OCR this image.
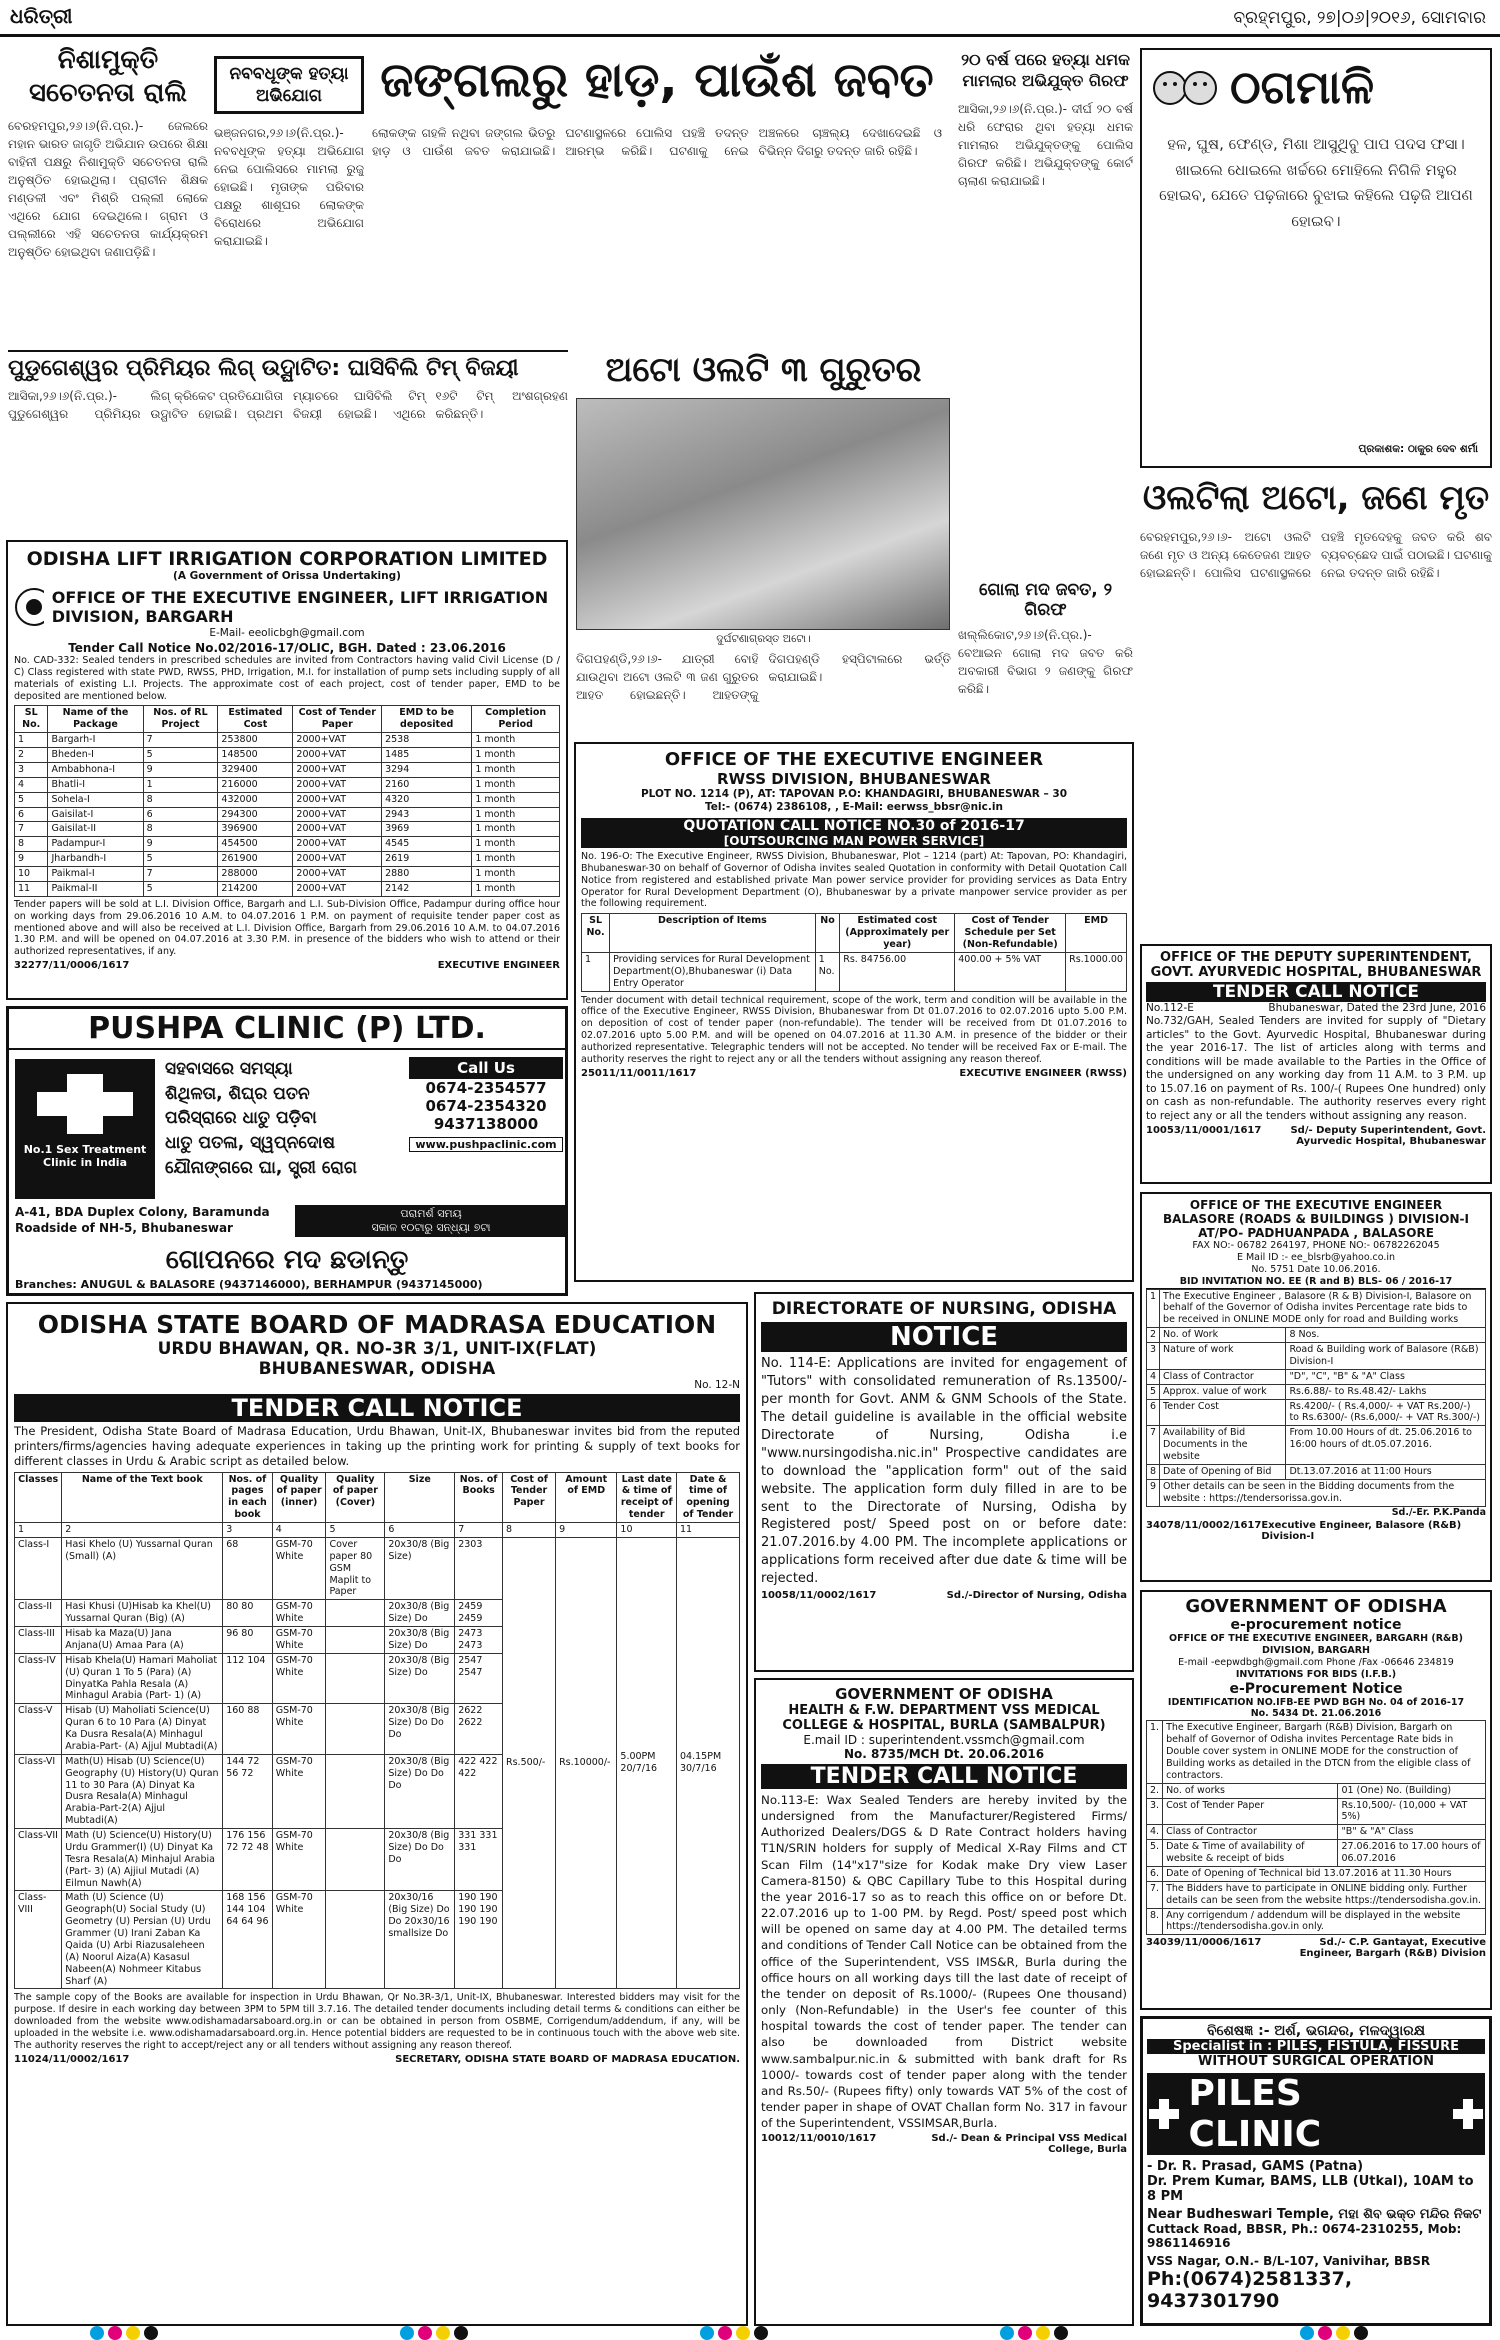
ଧରିତ୍ରୀ	ବ୍ରହ୍ମପୁର, ୨୭|୦୬|୨୦୧୬, ସୋମବାର
ନିଶାମୁକ୍ତି ସଚେତନତା ରାଲି
ବେରହମପୁର,୨୬।୬(ନି.ପ୍ର.)- ଜେଲରେ ମହାନ ଭାରତ ଜାଗୃତି ଅଭିଯାନ ଉପରେ ଶିକ୍ଷା ବାହିନୀ ପକ୍ଷରୁ ନିଶାମୁକ୍ତି ସଚେତନତା ରାଲି ଅନୁଷ୍ଠିତ ହୋଇଥିଲା। ପ୍ରାଚୀନ ଶିକ୍ଷକ ମଣ୍ଡଳୀ ଏବଂ ମିଶ୍ରି ପଲ୍ଲୀ ଲୋକେ ଏଥିରେ ଯୋଗ ଦେଇଥିଲେ। ଗ୍ରାମ ଓ ପଲ୍ଲୀରେ ଏହି ସଚେତନତା କାର୍ଯ୍ୟକ୍ରମ ଅନୁଷ୍ଠିତ ହୋଇଥିବା ଜଣାପଡ଼ିଛି।
ନବବଧୂଙ୍କ ହତ୍ୟା ଅଭିଯୋଗ
ଭଞ୍ଜନଗର,୨୬।୬(ନି.ପ୍ର.)- ନବବଧୂଙ୍କ ହତ୍ୟା ଅଭିଯୋଗ ନେଇ ପୋଲିସରେ ମାମଲା ରୁଜୁ ହୋଇଛି। ମୃତାଙ୍କ ପରିବାର ପକ୍ଷରୁ ଶାଶୂଘର ଲୋକଙ୍କ ବିରୋଧରେ ଅଭିଯୋଗ କରାଯାଇଛି।
ଜଙ୍ଗଲରୁ ହାଡ଼, ପାଉଁଶ ଜବତ
ଲୋକଙ୍କ ଗହଳି ନଥିବା ଜଙ୍ଗଲ ଭିତରୁ ହାଡ଼ ଓ ପାଉଁଶ ଜବତ କରାଯାଇଛି। ଘଟଣାସ୍ଥଳରେ ପୋଲିସ ପହଞ୍ଚି ତଦନ୍ତ ଆରମ୍ଭ କରିଛି। ଘଟଣାକୁ ନେଇ ଅଞ୍ଚଳରେ ଚାଞ୍ଚଲ୍ୟ ଦେଖାଦେଇଛି ଓ ବିଭିନ୍ନ ଦିଗରୁ ତଦନ୍ତ ଜାରି ରହିଛି।
୨୦ ବର୍ଷ ପରେ ହତ୍ୟା ଧମକ ମାମଲାର ଅଭିଯୁକ୍ତ ଗିରଫ
ଆସିକା,୨୬।୬(ନି.ପ୍ର.)- ଦୀର୍ଘ ୨୦ ବର୍ଷ ଧରି ଫେରାର ଥିବା ହତ୍ୟା ଧମକ ମାମଲାର ଅଭିଯୁକ୍ତଙ୍କୁ ପୋଲିସ ଗିରଫ କରିଛି। ଅଭିଯୁକ୍ତଙ୍କୁ କୋର୍ଟ ଚାଲାଣ କରାଯାଇଛି।
ଠଗମାଳି
ହଳ, ଘୁଷ, ଫେଣ୍ଡ, ମିଶା ଆସୁଥିବୁ ପାପ ପଦସ ଫସା। ଖାଇଲେ ଧୋଇଲେ ଖର୍ଚ୍ଚରେ ମୋହିଲେ ନିଗିଳି ମହୁର ହୋଇବ, ଯେତେ ପଢ଼ଜାରେ ବୁଝାଇ କହିଲେ ପଢ଼ଜି ଆପଣ ହୋଇବ।
ପ୍ରକାଶକ: ଠାକୁର ଦେବ ଶର୍ମା
ପୁଡୁଗେଶ୍ୱର ପ୍ରିମିୟର ଲିଗ୍ ଉଦ୍ଘାଟିତ: ଘାସିବିଲି ଟିମ୍ ବିଜୟୀ
ଆସିକା,୨୬।୬(ନି.ପ୍ର.)- ପୁଡୁଗେଶ୍ୱର ପ୍ରିମିୟର ଲିଗ୍ କ୍ରିକେଟ ପ୍ରତିଯୋଗିତା ଉଦ୍ଘାଟିତ ହୋଇଛି। ପ୍ରଥମ ମ୍ୟାଚରେ ଘାସିବିଲି ଟିମ୍ ବିଜୟୀ ହୋଇଛି। ଏଥିରେ ୧୬ଟି ଟିମ୍ ଅଂଶଗ୍ରହଣ କରିଛନ୍ତି।
ଅଟୋ ଓଲଟି ୩ ଗୁରୁତର
ଦୁର୍ଘଟଣାଗ୍ରସ୍ତ ଅଟୋ।
ଦିଗପହଣ୍ଡି,୨୬।୬- ଯାତ୍ରୀ ବୋହି ଯାଉଥିବା ଅଟୋ ଓଲଟି ୩ ଜଣ ଗୁରୁତର ଆହତ ହୋଇଛନ୍ତି। ଆହତଙ୍କୁ ଦିଗପହଣ୍ଡି ହସ୍ପିଟାଲରେ ଭର୍ତ୍ତି କରାଯାଇଛି।
ଗୋଲା ମଦ ଜବତ, ୨ ଗିରଫ
ଖଲ୍ଲିକୋଟ,୨୬।୬(ନି.ପ୍ର.)- ବେଆଇନ ଗୋଲା ମଦ ଜବତ କରି ଅବକାରୀ ବିଭାଗ ୨ ଜଣଙ୍କୁ ଗିରଫ କରିଛି।
ଓଲଟିଲା ଅଟୋ, ଜଣେ ମୃତ
ବେରହମପୁର,୨୬।୬- ଅଟୋ ଓଲଟି ଜଣେ ମୃତ ଓ ଅନ୍ୟ କେତେଜଣ ଆହତ ହୋଇଛନ୍ତି। ପୋଲିସ ଘଟଣାସ୍ଥଳରେ ପହଞ୍ଚି ମୃତଦେହକୁ ଜବତ କରି ଶବ ବ୍ୟବଚ୍ଛେଦ ପାଇଁ ପଠାଇଛି। ଘଟଣାକୁ ନେଇ ତଦନ୍ତ ଜାରି ରହିଛି।
ODISHA LIFT IRRIGATION CORPORATION LIMITED
(A Government of Orissa Undertaking)
OFFICE OF THE EXECUTIVE ENGINEER, LIFT IRRIGATION DIVISION, BARGARH
E-Mail- eeolicbgh@gmail.com
Tender Call Notice No.02/2016-17/OLIC, BGH. Dated : 23.06.2016
No. CAD-332: Sealed tenders in prescribed schedules are invited from Contractors having valid Civil License (D / C) Class registered with state PWD, RWSS, PHD, Irrigation, M.I. for installation of pump sets including supply of all materials of existing L.I. Projects. The approximate cost of each project, cost of tender paper, EMD to be deposited are mentioned below.
SL No.	Name of the Package	Nos. of RL Project	Estimated Cost	Cost of Tender Paper	EMD to be deposited	Completion Period
1	Bargarh-I	7	253800	2000+VAT	2538	1 month
2	Bheden-I	5	148500	2000+VAT	1485	1 month
3	Ambabhona-I	9	329400	2000+VAT	3294	1 month
4	Bhatli-I	1	216000	2000+VAT	2160	1 month
5	Sohela-I	8	432000	2000+VAT	4320	1 month
6	Gaisilat-I	6	294300	2000+VAT	2943	1 month
7	Gaisilat-II	8	396900	2000+VAT	3969	1 month
8	Padampur-I	9	454500	2000+VAT	4545	1 month
9	Jharbandh-I	5	261900	2000+VAT	2619	1 month
10	Paikmal-I	7	288000	2000+VAT	2880	1 month
11	Paikmal-II	5	214200	2000+VAT	2142	1 month
Tender papers will be sold at L.I. Division Office, Bargarh and L.I. Sub-Division Office, Padampur during office hour on working days from 29.06.2016 10 A.M. to 04.07.2016 1 P.M. on payment of requisite tender paper cost as mentioned above and will also be received at L.I. Division Office, Bargarh from 29.06.2016 10 A.M. to 04.07.2016 1.30 P.M. and will be opened on 04.07.2016 at 3.30 P.M. in presence of the bidders who wish to attend or their authorized representatives, if any.
32277/11/0006/1617	EXECUTIVE ENGINEER
PUSHPA CLINIC (P) LTD.
No.1 Sex Treatment Clinic in India
ସହବାସରେ ସମସ୍ୟା
ଶିଥିଳତା, ଶିଘ୍ର ପତନ
ପରିସ୍ରାରେ ଧାତୁ ପଡ଼ିବା
ଧାତୁ ପତଳା, ସ୍ୱପ୍ନଦୋଷ
ଯୌନାଙ୍ଗରେ ଘା, ସ୍ତ୍ରୀ ରୋଗ
Call Us
0674-2354577
0674-2354320
9437138000
www.pushpaclinic.com
A-41, BDA Duplex Colony, Baramunda Roadside of NH-5, Bhubaneswar
ପରାମର୍ଶ ସମୟ
ସକାଳ ୧୦ଟାରୁ ସନ୍ଧ୍ୟା ୭ଟା
ଗୋପନରେ ମଦ ଛଡାନ୍ତୁ
Branches: ANUGUL & BALASORE (9437146000), BERHAMPUR (9437145000)
OFFICE OF THE EXECUTIVE ENGINEER
RWSS DIVISION, BHUBANESWAR
PLOT NO. 1214 (P), AT: TAPOVAN P.O: KHANDAGIRI, BHUBANESWAR – 30
Tel:- (0674) 2386108, , E-Mail: eerwss_bbsr@nic.in
QUOTATION CALL NOTICE NO.30 of 2016-17
[OUTSOURCING MAN POWER SERVICE]
No. 196-O: The Executive Engineer, RWSS Division, Bhubaneswar, Plot – 1214 (part) At: Tapovan, PO: Khandagiri, Bhubaneswar-30 on behalf of Governor of Odisha invites sealed Quotation in conformity with Detail Quotation Call Notice from registered and established private Man power service provider for providing services as Data Entry Operator for Rural Development Department (O), Bhubaneswar by a private manpower service provider as per the following requirement.
SL No.	Description of Items	No	Estimated cost (Approximately per year)	Cost of Tender Schedule per Set (Non-Refundable)	EMD
1	Providing services for Rural Development Department(O),Bhubaneswar (i) Data Entry Operator	1 No.	Rs. 84756.00	400.00 + 5% VAT	Rs.1000.00
Tender document with detail technical requirement, scope of the work, term and condition will be available in the office of the Executive Engineer, RWSS Division, Bhubaneswar from Dt 01.07.2016 to 02.07.2016 upto 5.00 P.M. on deposition of cost of tender paper (non-refundable). The tender will be received from Dt 01.07.2016 to 02.07.2016 upto 5.00 P.M. and will be opened on 04.07.2016 at 11.30 A.M. in presence of the bidder or their authorized representative. Telegraphic tenders will not be accepted. No tender will be received Fax or E-mail. The authority reserves the right to reject any or all the tenders without assigning any reason thereof.
25011/11/0011/1617	EXECUTIVE ENGINEER (RWSS)
OFFICE OF THE DEPUTY SUPERINTENDENT, GOVT. AYURVEDIC HOSPITAL, BHUBANESWAR
TENDER CALL NOTICE
No.112-E	Bhubaneswar, Dated the 23rd June, 2016
No.732/GAH, Sealed Tenders are invited for supply of "Dietary articles" to the Govt. Ayurvedic Hospital, Bhubaneswar during the year 2016-17. The list of articles along with terms and conditions will be made available to the Parties in the Office of the undersigned on any working day from 11 A.M. to 3 P.M. up to 15.07.16 on payment of Rs. 100/-( Rupees One hundred) only on cash as non-refundable. The authority reserves every right to reject any or all the tenders without assigning any reason.
10053/11/0001/1617	Sd/- Deputy Superintendent, Govt. Ayurvedic Hospital, Bhubaneswar
OFFICE OF THE EXECUTIVE ENGINEER
BALASORE (ROADS & BUILDINGS ) DIVISION-I
AT/PO- PADHUANPADA , BALASORE
FAX NO:- 06782 264197, PHONE NO:- 06782262045
E Mail ID :- ee_blsrb@yahoo.co.in
No. 5751 Date 10.06.2016.
BID INVITATION NO. EE (R and B) BLS- 06 / 2016-17
1	The Executive Engineer , Balasore (R & B) Division-I, Balasore on behalf of the Governor of Odisha invites Percentage rate bids to be received in ONLINE MODE only for road and Building works	
2	No. of Work	8 Nos.
3	Nature of work	Road & Building work of Balasore (R&B) Division-I
4	Class of Contractor	"D", "C", "B" & "A" Class
5	Approx. value of work	Rs.6.88/- to Rs.48.42/- Lakhs
6	Tender Cost	Rs.4200/- ( Rs.4,000/- + VAT Rs.200/-) to Rs.6300/- (Rs.6,000/- + VAT Rs.300/-)
7	Availability of Bid Documents in the website	From 10.00 Hours of dt. 25.06.2016 to 16:00 hours of dt.05.07.2016.
8	Date of Opening of Bid	Dt.13.07.2016 at 11:00 Hours
9	Other details can be seen in the Bidding documents from the website : https://tendersorissa.gov.in.	
Sd./-Er. P.K.Panda
34078/11/0002/1617 Executive Engineer, Balasore (R&B) Division-I
ODISHA STATE BOARD OF MADRASA EDUCATION
URDU BHAWAN, QR. NO-3R 3/1, UNIT-IX(FLAT) BHUBANESWAR, ODISHA
No. 12-N
TENDER CALL NOTICE
The President, Odisha State Board of Madrasa Education, Urdu Bhawan, Unit-IX, Bhubaneswar invites bid from the reputed printers/firms/agencies having adequate experiences in taking up the printing work for printing & supply of text books for different classes in Urdu & Arabic script as detailed below.
Classes	Name of the Text book	Nos. of pages in each book	Quality of paper (inner)	Quality of paper (Cover)	Size	Nos. of Books	Cost of Tender Paper	Amount of EMD	Last date & time of receipt of tender	Date & time of opening of Tender
1	2	3	4	5	6	7	8	9	10	11
Class-I	Hasi Khelo (U) Yussarnal Quran (Small) (A)	68	GSM-70 White	Cover paper 80 GSM Maplit to Paper	20x30/8 (Big Size)	2303	Rs.500/-	Rs.10000/-	5.00PM 20/7/16	04.15PM 30/7/16
Class-II	Hasi Khusi (U)Hisab ka Khel(U) Yussarnal Quran (Big) (A)	80 80	GSM-70 White		20x30/8 (Big Size) Do	2459 2459				
Class-III	Hisab ka Maza(U) Jana Anjana(U) Amaa Para (A)	96 80	GSM-70 White		20x30/8 (Big Size) Do	2473 2473				
Class-IV	Hisab Khela(U) Hamari Maholiat (U) Quran 1 To 5 (Para) (A) DinyatKa Pahla Resala (A) Minhagul Arabia (Part- 1) (A)	112 104	GSM-70 White		20x30/8 (Big Size) Do	2547 2547				
Class-V	Hisab (U) Maholiati Science(U) Quran 6 to 10 Para (A) Dinyat Ka Dusra Resala(A) Minhagul Arabia-Part- (A) Ajjul Mubtadi(A)	160 88	GSM-70 White		20x30/8 (Big Size) Do Do Do	2622 2622				
Class-VI	Math(U) Hisab (U) Science(U) Geography (U) History(U) Quran 11 to 30 Para (A) Dinyat Ka Dusra Resala(A) Minhagul Arabia-Part-2(A) Ajjul Mubtadi(A)	144 72 56 72	GSM-70 White		20x30/8 (Big Size) Do Do Do	422 422 422				
Class-VII	Math (U) Science(U) History(U) Urdu Grammer(I) (U) Dinyat Ka Tesra Resala(A) Minhajul Arabia (Part- 3) (A) Ajjiul Mutadi (A) Eilmun Nawh(A)	176 156 72 72 48	GSM-70 White		20x30/8 (Big Size) Do Do Do	331 331 331				
Class-VIII	Math (U) Science (U) Geograph(U) Social Study (U) Geometry (U) Persian (U) Urdu Grammer (U) Irani Zaban Ka Qaida (U) Arbi Riazusaleheen (A) Noorul Aiza(A) Kasasul Nabeen(A) Nohmeer Kitabus Sharf (A)	168 156 144 104 64 64 96	GSM-70 White		20x30/16 (Big Size) Do Do 20x30/16 smallsize Do	190 190 190 190 190 190				
The sample copy of the Books are available for inspection in Urdu Bhawan, Qr No.3R-3/1, Unit-IX, Bhubaneswar. Interested bidders may visit for the purpose. If desire in each working day between 3PM to 5PM till 3.7.16. The detailed tender documents including detail terms & conditions can either be downloaded from the website www.odishamadarsaboard.org.in or can be obtained in person from OSBME, Corrigendum/addendum, if any, will be uploaded in the website i.e. www.odishamadarsaboard.org.in. Hence potential bidders are requested to be in continuous touch with the above web site. The authority reserves the right to accept/reject any or all tenders without assigning any reason thereof.
11024/11/0002/1617	SECRETARY, ODISHA STATE BOARD OF MADRASA EDUCATION.
DIRECTORATE OF NURSING, ODISHA
NOTICE
No. 114-E: Applications are invited for engagement of "Tutors" with consolidated remuneration of Rs.13500/- per month for Govt. ANM & GNM Schools of the State. The detail guideline is available in the official website Directorate of Nursing, Odisha i.e "www.nursingodisha.nic.in" Prospective candidates are to download the "application form" out of the said website. The application form duly filled in are to be sent to the Directorate of Nursing, Odisha by Registered post/ Speed post on or before date: 21.07.2016.by 4.00 PM. The incomplete applications or applications form received after due date & time will be rejected.
10058/11/0002/1617	Sd./-Director of Nursing, Odisha
GOVERNMENT OF ODISHA
HEALTH & F.W. DEPARTMENT VSS MEDICAL COLLEGE & HOSPITAL, BURLA (SAMBALPUR)
E.mail ID : superintendent.vssmch@gmail.com
No. 8735/MCH Dt. 20.06.2016
TENDER CALL NOTICE
No.113-E: Wax Sealed Tenders are hereby invited by the undersigned from the Manufacturer/Registered Firms/ Authorized Dealers/DGS & D Rate Contract holders having T1N/SRIN holders for supply of Medical X-Ray Films and CT Scan Film (14"x17"size for Kodak make Dry view Laser Camera-8150) & QBC Capillary Tube to this Hospital during the year 2016-17 so as to reach this office on or before Dt. 22.07.2016 up to 1-00 PM. by Regd. Post/ speed post which will be opened on same day at 4.00 PM. The detailed terms and conditions of Tender Call Notice can be obtained from the office of the Superintendent, VSS IMS&R, Burla during the office hours on all working days till the last date of receipt of the tender on deposit of Rs.1000/- (Rupees One thousand) only (Non-Refundable) in the User's fee counter of this hospital towards the cost of tender paper. The tender can also be downloaded from District website www.sambalpur.nic.in & submitted with bank draft for Rs 1000/- towards cost of tender paper along with the tender and Rs.50/- (Rupees fifty) only towards VAT 5% of the cost of tender paper in shape of OVAT Challan form No. 317 in favour of the Superintendent, VSSIMSAR,Burla.
10012/11/0010/1617	Sd./- Dean & Principal VSS Medical College, Burla
GOVERNMENT OF ODISHA
e-procurement notice
OFFICE OF THE EXECUTIVE ENGINEER, BARGARH (R&B) DIVISION, BARGARH
E-mail -eepwdbgh@gmail.com Phone /Fax -06646 234819
INVITATIONS FOR BIDS (I.F.B.)
e-Procurement Notice
IDENTIFICATION NO.IFB-EE PWD BGH No. 04 of 2016-17
No. 5434 Dt. 21.06.2016
1.	The Executive Engineer, Bargarh (R&B) Division, Bargarh on behalf of Governor of Odisha invites Percentage Rate bids in Double cover system in ONLINE MODE for the construction of Building works as detailed in the DTCN from the eligible class of contractors.	
2.	No. of works	01 (One) No. (Building)
3.	Cost of Tender Paper	Rs.10,500/- (10,000 + VAT 5%)
4.	Class of Contractor	"B" & "A" Class
5.	Date & Time of availability of website & receipt of bids	27.06.2016 to 17.00 hours of 06.07.2016
6.	Date of Opening of Technical bid 13.07.2016 at 11.30 Hours	
7.	The Bidders have to participate in ONLINE bidding only. Further details can be seen from the website https://tendersodisha.gov.in.	
8.	Any corrigendum / addendum will be displayed in the website https://tendersodisha.gov.in only.	
34039/11/0006/1617	Sd./- C.P. Gantayat, Executive Engineer, Bargarh (R&B) Division
ବିଶେଷଜ୍ଞ :- ଅର୍ଶ, ଭଗନ୍ଦର, ମଳଦ୍ୱାରକ୍ଷ
Specialist in : PILES, FISTULA, FISSURE
WITHOUT SURGICAL OPERATION
PILES CLINIC
- Dr. R. Prasad, GAMS (Patna)
Dr. Prem Kumar, BAMS, LLB (Utkal), 10AM to 8 PM
Near Budheswari Temple, ମହା ଶିବ ଭକ୍ତ ମନ୍ଦିର ନିକଟ
Cuttack Road, BBSR, Ph.: 0674-2310255, Mob: 9861146916
VSS Nagar, O.N.- B/L-107, Vanivihar, BBSR
Ph:(0674)2581337, 9437301790
